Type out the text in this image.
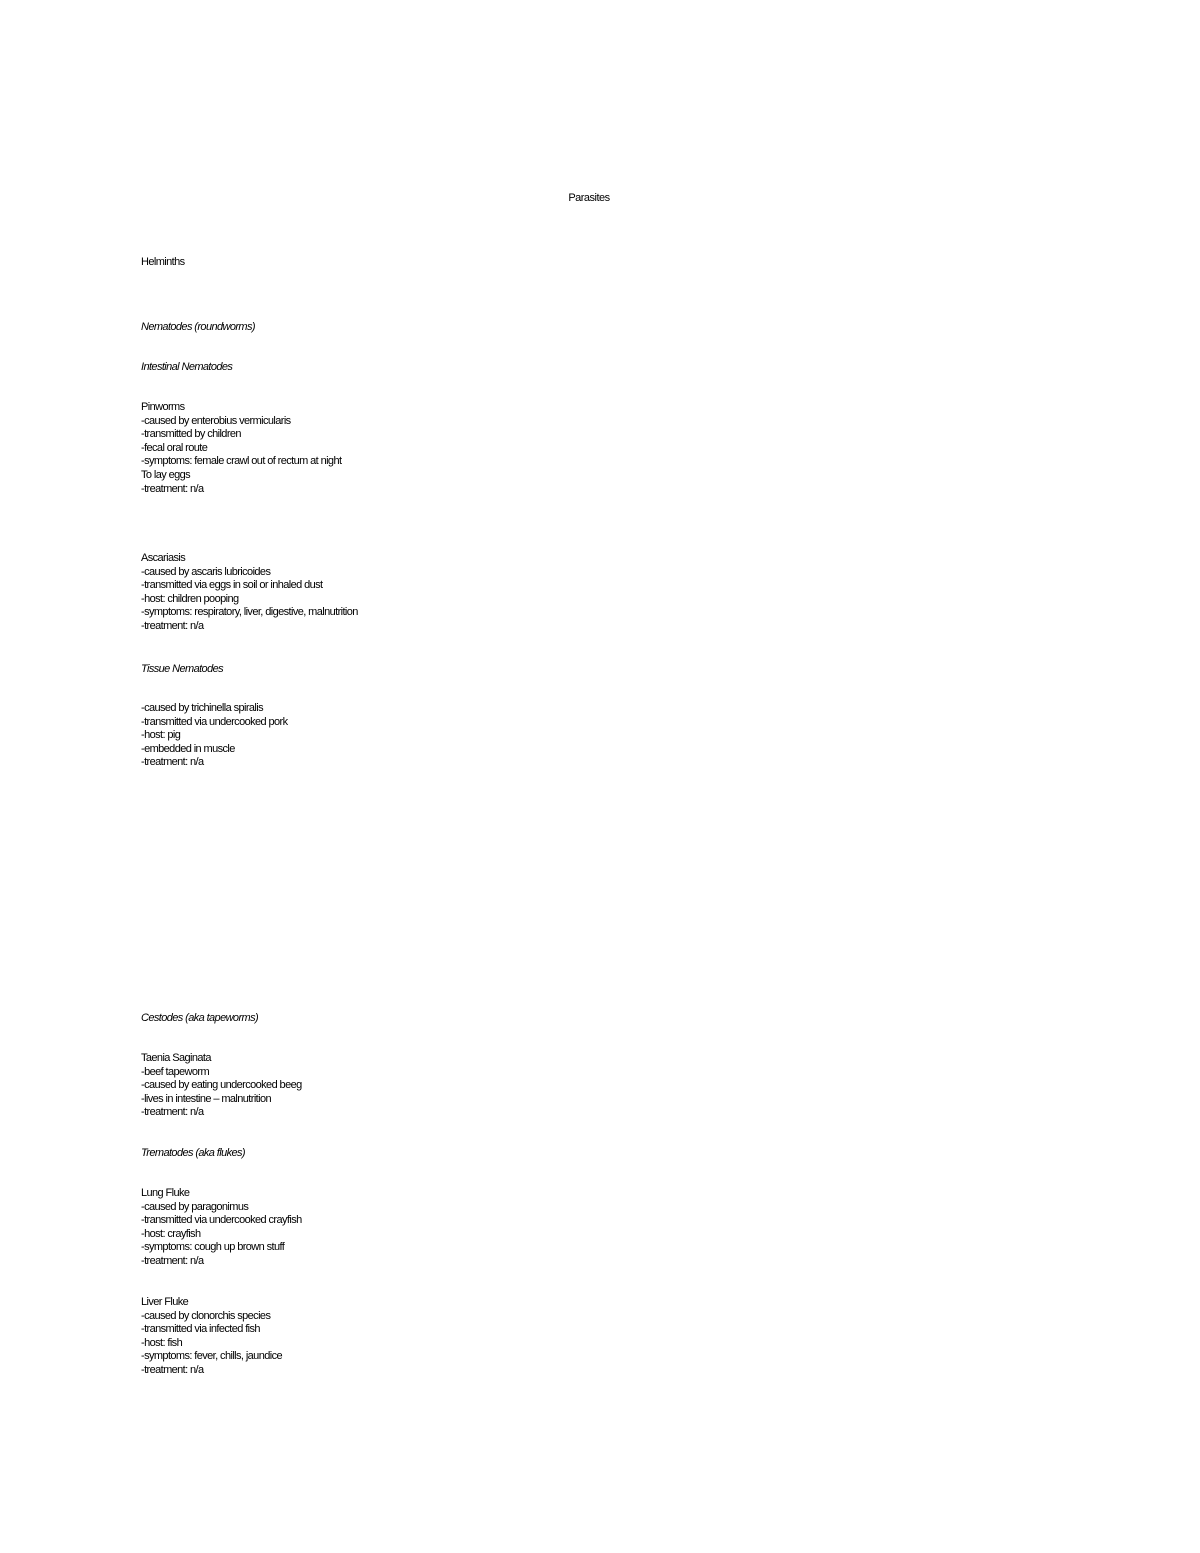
Parasites
Helminths
Nematodes (roundworms)
Intestinal Nematodes
Pinworms
-caused by enterobius vermicularis
-transmitted by children
-fecal oral route
-symptoms: female crawl out of rectum at night
To lay eggs
-treatment: n/a
Ascariasis
-caused by ascaris lubricoides
-transmitted via eggs in soil or inhaled dust
-host: children pooping
-symptoms: respiratory, liver, digestive, malnutrition
-treatment: n/a
Tissue Nematodes
-caused by trichinella spiralis
-transmitted via undercooked pork
-host: pig
-embedded in muscle
-treatment: n/a
Cestodes (aka tapeworms)
Taenia Saginata
-beef tapeworm
-caused by eating undercooked beeg
-lives in intestine – malnutrition
-treatment: n/a
Trematodes (aka flukes)
Lung Fluke
-caused by paragonimus
-transmitted via undercooked crayfish
-host: crayfish
-symptoms: cough up brown stuff
-treatment: n/a
Liver Fluke
-caused by clonorchis species
-transmitted via infected fish
-host: fish
-symptoms: fever, chills, jaundice
-treatment: n/a
